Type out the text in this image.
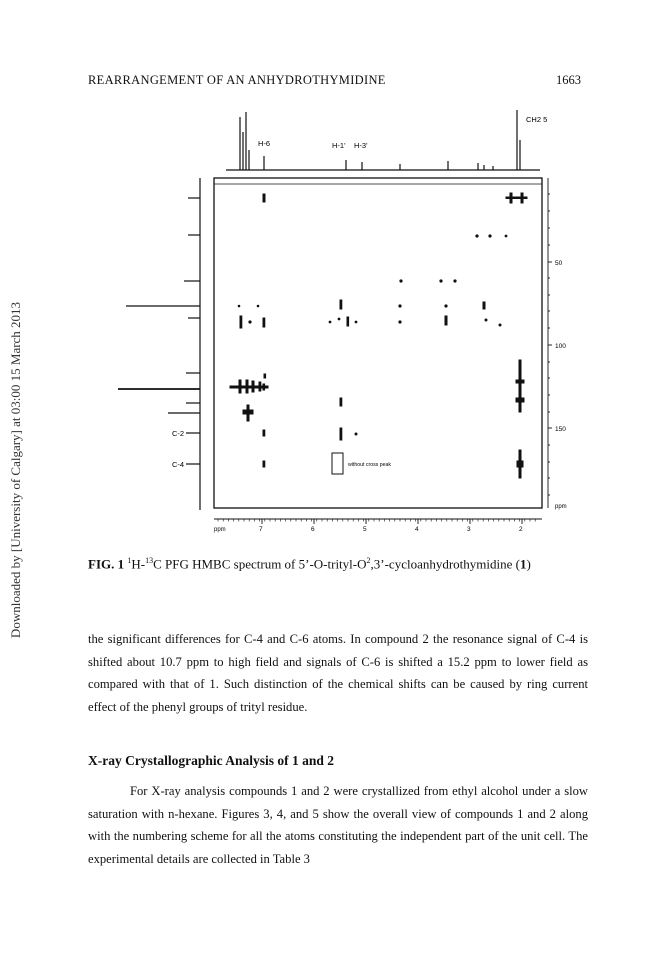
REARRANGEMENT OF AN ANHYDROTHYMIDINE	1663
Downloaded by [University of Calgary] at 03:00 15 March 2013
H-6	H-1' H-3'
CH2 5
C-2
C-4
50
100
150
ppm
ppm	7	6	5	4	3	2
without cross peak
FIG. 1 $^1$H-$^{13}$C PFG HMBC spectrum of $5’-O-trityl-O^2,3$’-cycloanhydrothymidine (1)
the significant differences for C-4 and C-6 atoms. In compound 2 the resonance signal of C-4 is shifted about 10.7 ppm to high field and signals of C-6 is shifted a 15.2 ppm to lower field as compared with that of 1. Such distinction of the chemical shifts can be caused by ring current effect of the phenyl groups of trityl residue.
X-ray Crystallographic Analysis of 1 and 2
For X-ray analysis compounds 1 and 2 were crystallized from ethyl alcohol under a slow saturation with n-hexane. Figures 3, 4, and 5 show the overall view of compounds 1 and 2 along with the numbering scheme for all the atoms constituting the independent part of the unit cell. The experimental details are collected in Table 3
